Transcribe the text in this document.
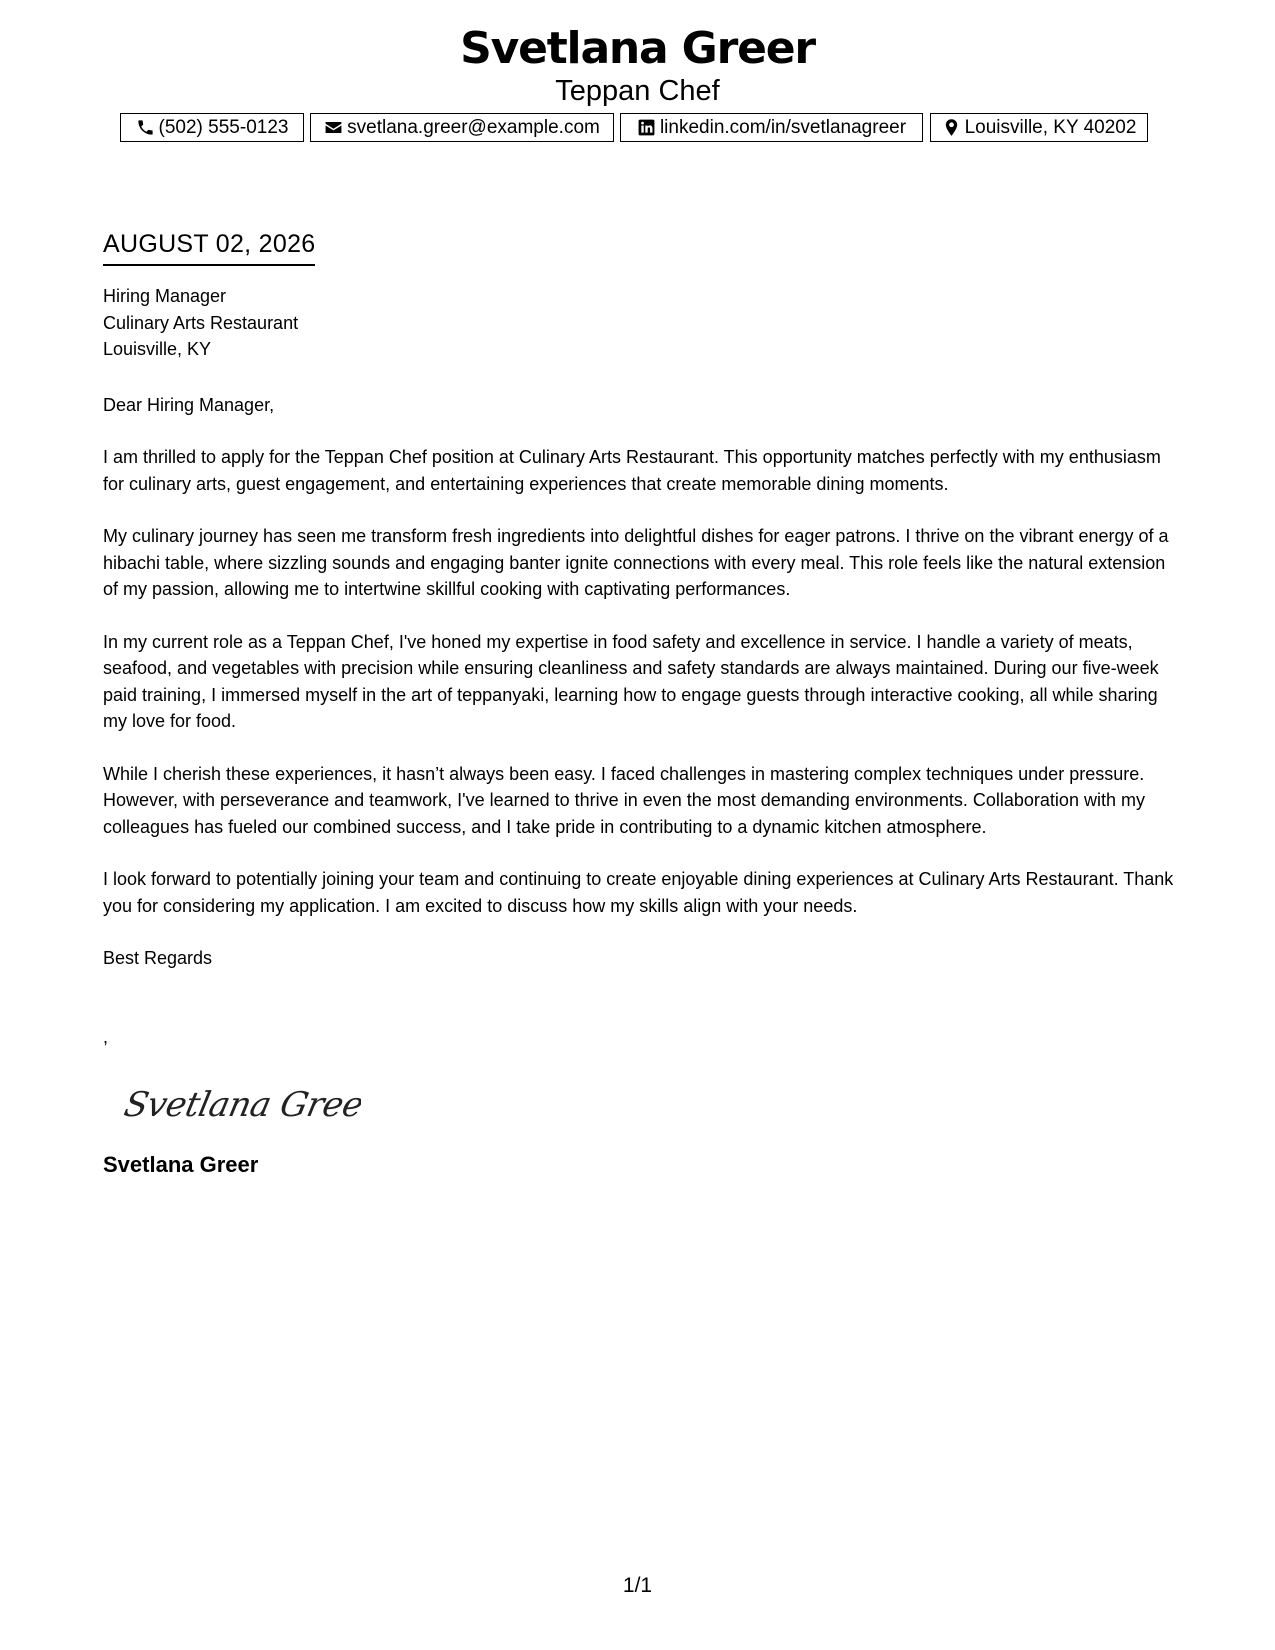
Svetlana Greer
Teppan Chef
(502) 555-0123	svetlana.greer@example.com	linkedin.com/in/svetlanagreer	Louisville, KY 40202
AUGUST 02, 2026
Hiring Manager
Culinary Arts Restaurant
Louisville, KY
Dear Hiring Manager,

I am thrilled to apply for the Teppan Chef position at Culinary Arts Restaurant. This opportunity matches perfectly with my enthusiasm for culinary arts, guest engagement, and entertaining experiences that create memorable dining moments.

My culinary journey has seen me transform fresh ingredients into delightful dishes for eager patrons. I thrive on the vibrant energy of a hibachi table, where sizzling sounds and engaging banter ignite connections with every meal. This role feels like the natural extension of my passion, allowing me to intertwine skillful cooking with captivating performances.

In my current role as a Teppan Chef, I've honed my expertise in food safety and excellence in service. I handle a variety of meats, seafood, and vegetables with precision while ensuring cleanliness and safety standards are always maintained. During our five-week paid training, I immersed myself in the art of teppanyaki, learning how to engage guests through interactive cooking, all while sharing my love for food.

While I cherish these experiences, it hasn’t always been easy. I faced challenges in mastering complex techniques under pressure. However, with perseverance and teamwork, I've learned to thrive in even the most demanding environments. Collaboration with my colleagues has fueled our combined success, and I take pride in contributing to a dynamic kitchen atmosphere.

I look forward to potentially joining your team and continuing to create enjoyable dining experiences at Culinary Arts Restaurant. Thank you for considering my application. I am excited to discuss how my skills align with your needs.

Best Regards
,
Svetlana Greer
Svetlana Greer
1/1
